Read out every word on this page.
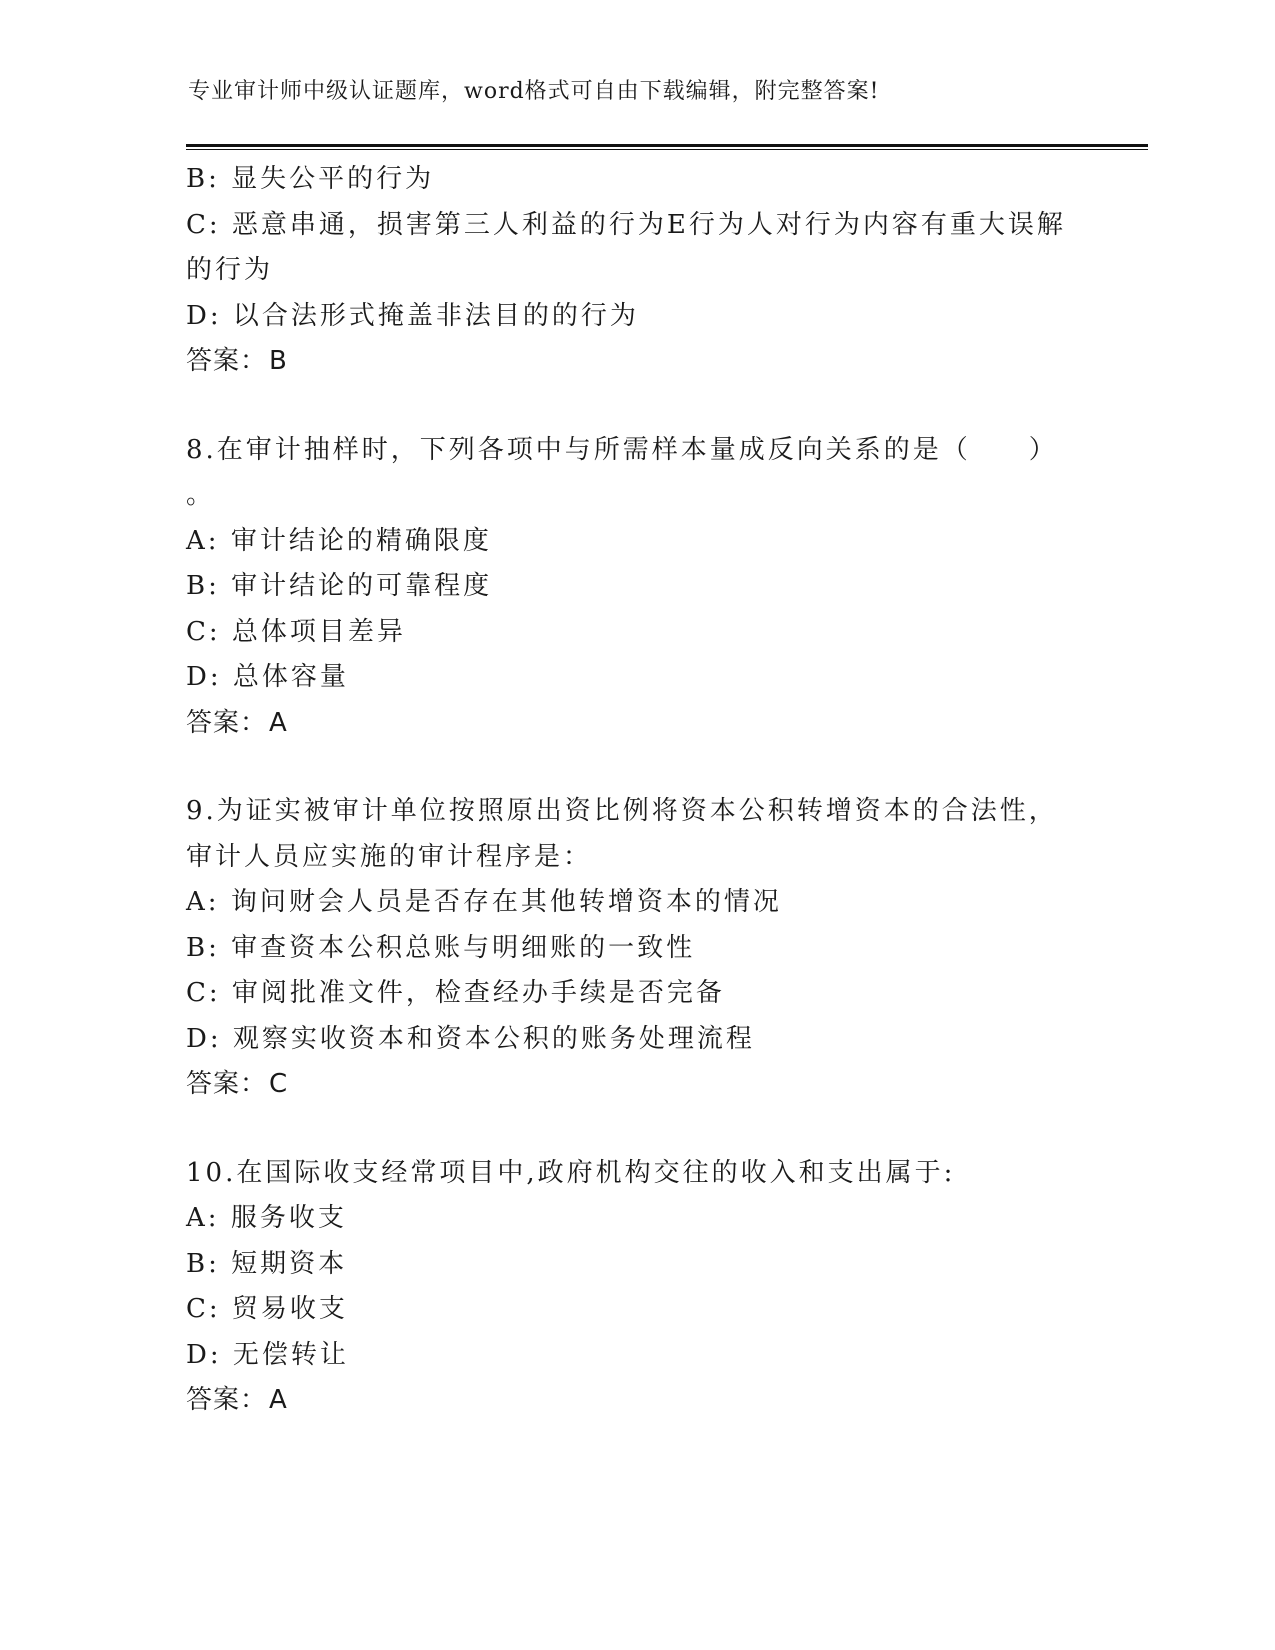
专业审计师中级认证题库，word格式可自由下载编辑，附完整答案!
B: 显失公平的行为
C: 恶意串通，损害第三人利益的行为E行为人对行为内容有重大误解
的行为
D: 以合法形式掩盖非法目的的行为
答案：B
8.在审计抽样时，下列各项中与所需样本量成反向关系的是（　　）
。
A: 审计结论的精确限度
B: 审计结论的可靠程度
C: 总体项目差异
D: 总体容量
答案：A
9.为证实被审计单位按照原出资比例将资本公积转增资本的合法性，
审计人员应实施的审计程序是：
A: 询问财会人员是否存在其他转增资本的情况
B: 审查资本公积总账与明细账的一致性
C: 审阅批准文件，检查经办手续是否完备
D: 观察实收资本和资本公积的账务处理流程
答案：C
10.在国际收支经常项目中,政府机构交往的收入和支出属于:
A: 服务收支
B: 短期资本
C: 贸易收支
D: 无偿转让
答案：A
